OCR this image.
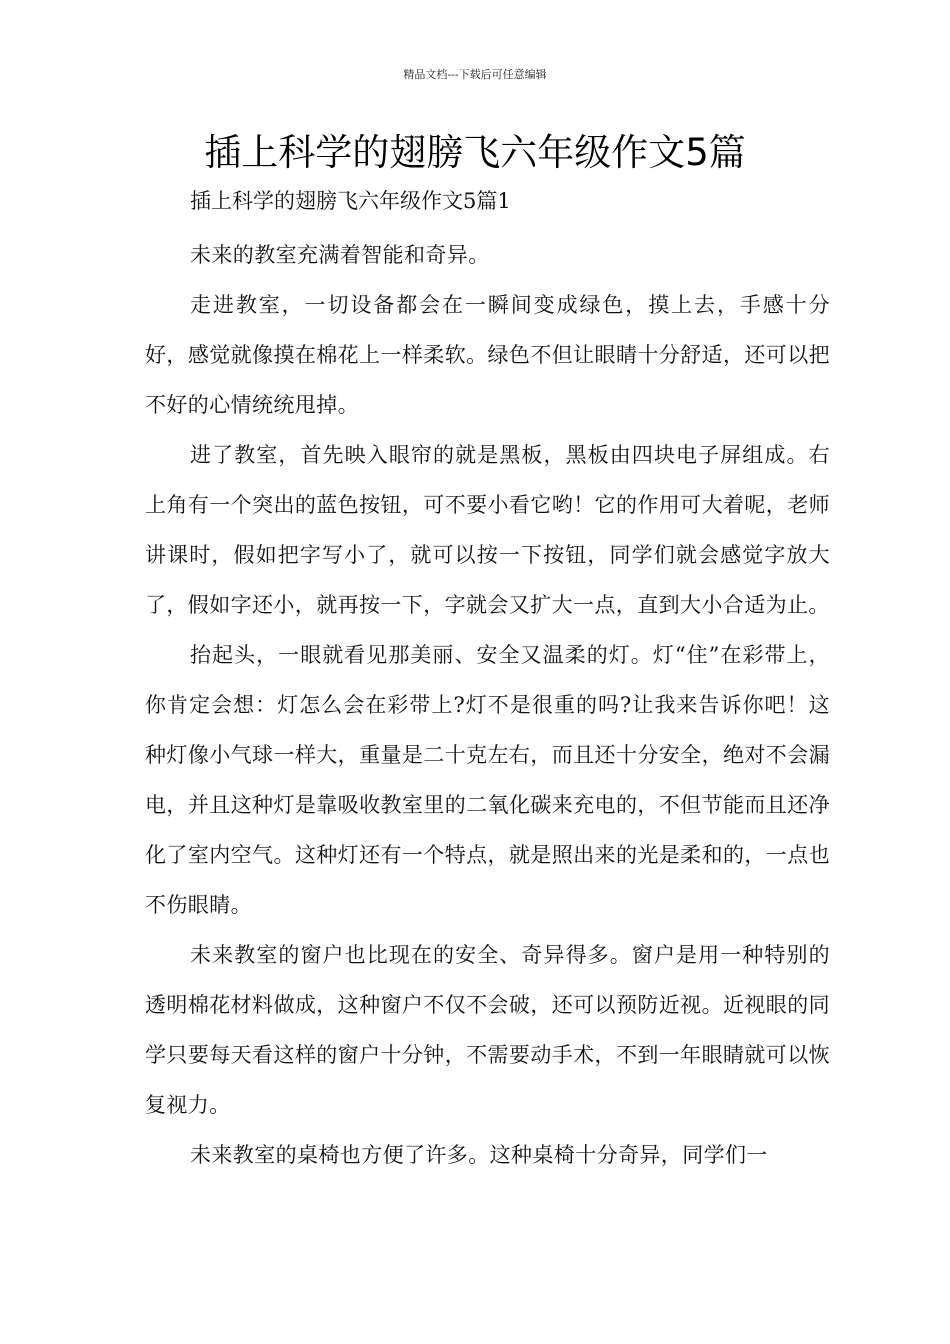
精品文档---下载后可任意编辑
插上科学的翅膀飞六年级作文5篇

插上科学的翅膀飞六年级作文5篇1

未来的教室充满着智能和奇异。

走进教室，一切设备都会在一瞬间变成绿色，摸上去，手感十分好，感觉就像摸在棉花上一样柔软。绿色不但让眼睛十分舒适，还可以把不好的心情统统甩掉。

进了教室，首先映入眼帘的就是黑板，黑板由四块电子屏组成。右上角有一个突出的蓝色按钮，可不要小看它哟！它的作用可大着呢，老师讲课时，假如把字写小了，就可以按一下按钮，同学们就会感觉字放大了，假如字还小，就再按一下，字就会又扩大一点，直到大小合适为止。

抬起头，一眼就看见那美丽、安全又温柔的灯。灯“住”在彩带上，你肯定会想：灯怎么会在彩带上?灯不是很重的吗?让我来告诉你吧！这种灯像小气球一样大，重量是二十克左右，而且还十分安全，绝对不会漏电，并且这种灯是靠吸收教室里的二氧化碳来充电的，不但节能而且还净化了室内空气。这种灯还有一个特点，就是照出来的光是柔和的，一点也不伤眼睛。

未来教室的窗户也比现在的安全、奇异得多。窗户是用一种特别的透明棉花材料做成，这种窗户不仅不会破，还可以预防近视。近视眼的同学只要每天看这样的窗户十分钟，不需要动手术，不到一年眼睛就可以恢复视力。

未来教室的桌椅也方便了许多。这种桌椅十分奇异，同学们一
